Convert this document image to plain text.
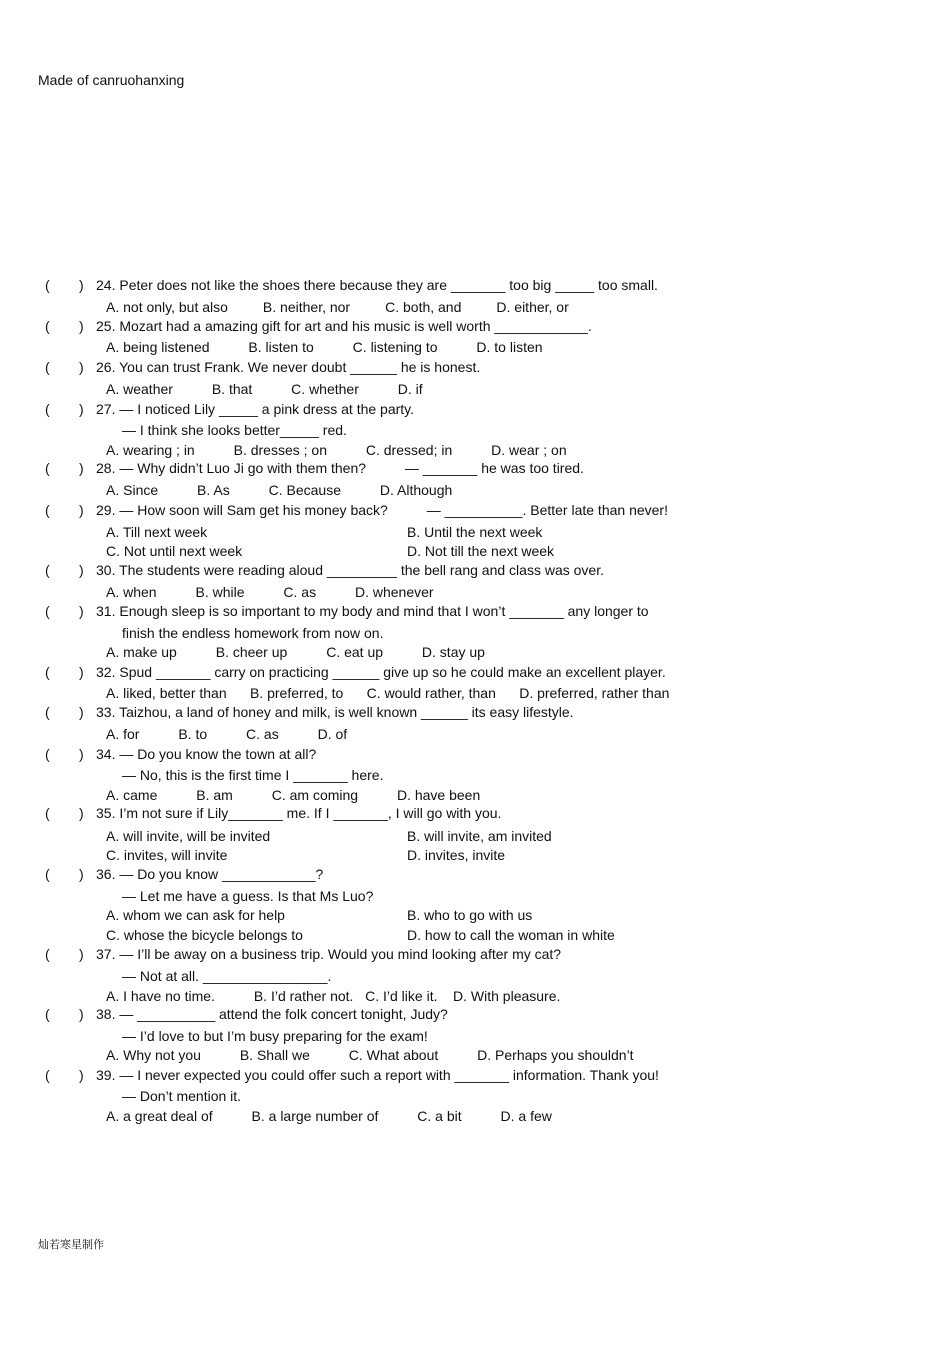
Made of canruohanxing
24. Peter does not like the shoes there because they are _______ too big _____ too small.
A. not only, but also         B. neither, nor         C. both, and         D. either, or
25. Mozart had a amazing gift for art and his music is well worth ____________.
A. being listened          B. listen to          C. listening to          D. to listen
26. You can trust Frank. We never doubt ______ he is honest.
A. weather          B. that          C. whether          D. if
27. — I noticed Lily _____ a pink dress at the party.
— I think she looks better_____ red.
A. wearing ; in          B. dresses ; on          C. dressed; in          D. wear ; on
28. — Why didn’t Luo Ji go with them then?          — _______ he was too tired.
A. Since          B. As          C. Because          D. Although
29. — How soon will Sam get his money back?          — __________. Better late than never!
A. Till next week	B. Until the next week
C. Not until next week	D. Not till the next week
30. The students were reading aloud _________ the bell rang and class was over.
A. when          B. while          C. as          D. whenever
31. Enough sleep is so important to my body and mind that I won’t _______ any longer to
finish the endless homework from now on.
A. make up          B. cheer up          C. eat up          D. stay up
32. Spud _______ carry on practicing ______ give up so he could make an excellent player.
A. liked, better than      B. preferred, to      C. would rather, than      D. preferred, rather than
33. Taizhou, a land of honey and milk, is well known ______ its easy lifestyle.
A. for          B. to          C. as          D. of
34. — Do you know the town at all?
— No, this is the first time I _______ here.
A. came          B. am          C. am coming          D. have been
35. I’m not sure if Lily_______ me. If I _______, I will go with you.
A. will invite, will be invited	B. will invite, am invited
C. invites, will invite	D. invites, invite
36. — Do you know ____________?
— Let me have a guess. Is that Ms Luo?
A. whom we can ask for help	B. who to go with us
C. whose the bicycle belongs to	D. how to call the woman in white
37. — I’ll be away on a business trip. Would you mind looking after my cat?
— Not at all. ________________.
A. I have no time.          B. I’d rather not.   C. I’d like it.    D. With pleasure.
38. — __________ attend the folk concert tonight, Judy?
— I’d love to but I’m busy preparing for the exam!
A. Why not you          B. Shall we          C. What about          D. Perhaps you shouldn’t
39. — I never expected you could offer such a report with _______ information. Thank you!
— Don’t mention it.
A. a great deal of          B. a large number of          C. a bit          D. a few
( )
( )
( )
( )
( )
( )
( )
( )
( )
( )
( )
( )
( )
( )
( )
( )
灿若寒星制作
